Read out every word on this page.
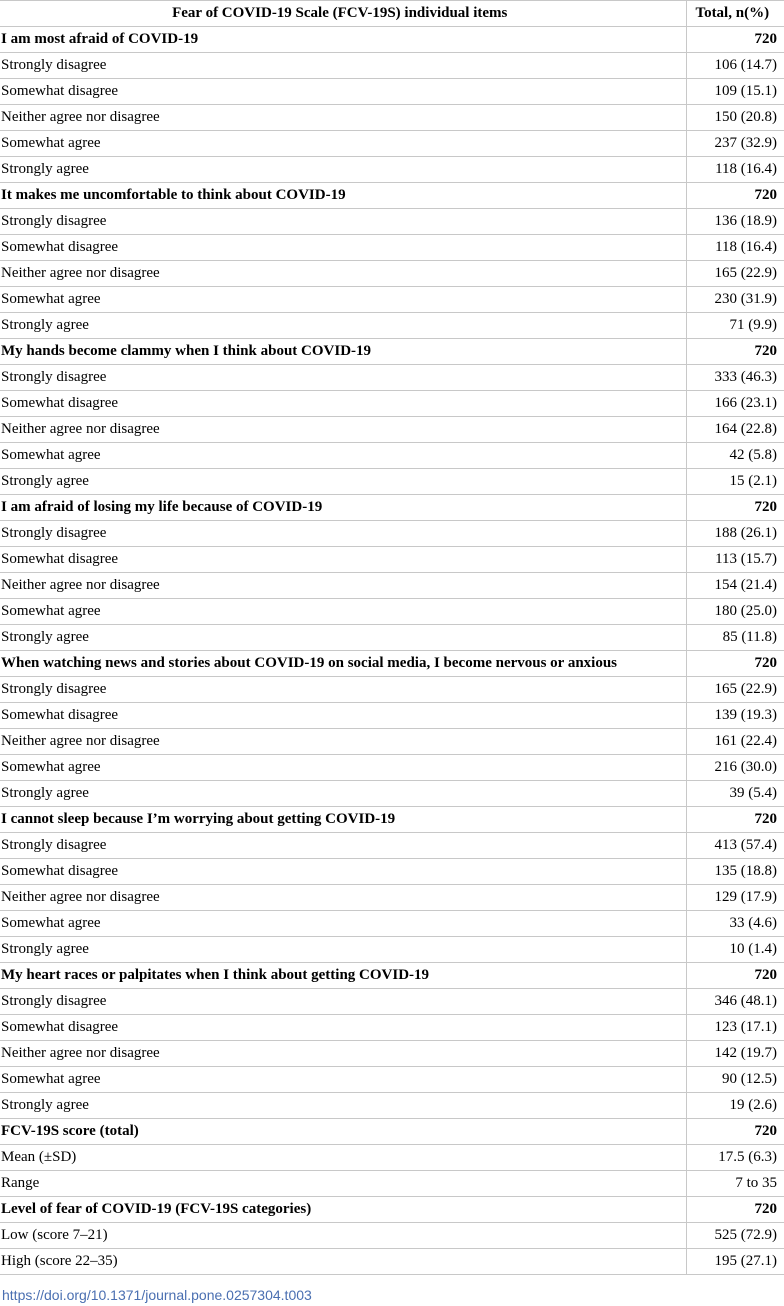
Fear of COVID-19 Scale (FCV-19S) individual items	Total, n(%)
I am most afraid of COVID-19	720
Strongly disagree	106 (14.7)
Somewhat disagree	109 (15.1)
Neither agree nor disagree	150 (20.8)
Somewhat agree	237 (32.9)
Strongly agree	118 (16.4)
It makes me uncomfortable to think about COVID-19	720
Strongly disagree	136 (18.9)
Somewhat disagree	118 (16.4)
Neither agree nor disagree	165 (22.9)
Somewhat agree	230 (31.9)
Strongly agree	71 (9.9)
My hands become clammy when I think about COVID-19	720
Strongly disagree	333 (46.3)
Somewhat disagree	166 (23.1)
Neither agree nor disagree	164 (22.8)
Somewhat agree	42 (5.8)
Strongly agree	15 (2.1)
I am afraid of losing my life because of COVID-19	720
Strongly disagree	188 (26.1)
Somewhat disagree	113 (15.7)
Neither agree nor disagree	154 (21.4)
Somewhat agree	180 (25.0)
Strongly agree	85 (11.8)
When watching news and stories about COVID-19 on social media, I become nervous or anxious	720
Strongly disagree	165 (22.9)
Somewhat disagree	139 (19.3)
Neither agree nor disagree	161 (22.4)
Somewhat agree	216 (30.0)
Strongly agree	39 (5.4)
I cannot sleep because I’m worrying about getting COVID-19	720
Strongly disagree	413 (57.4)
Somewhat disagree	135 (18.8)
Neither agree nor disagree	129 (17.9)
Somewhat agree	33 (4.6)
Strongly agree	10 (1.4)
My heart races or palpitates when I think about getting COVID-19	720
Strongly disagree	346 (48.1)
Somewhat disagree	123 (17.1)
Neither agree nor disagree	142 (19.7)
Somewhat agree	90 (12.5)
Strongly agree	19 (2.6)
FCV-19S score (total)	720
Mean (±SD)	17.5 (6.3)
Range	7 to 35
Level of fear of COVID-19 (FCV-19S categories)	720
Low (score 7–21)	525 (72.9)
High (score 22–35)	195 (27.1)
https://doi.org/10.1371/journal.pone.0257304.t003
